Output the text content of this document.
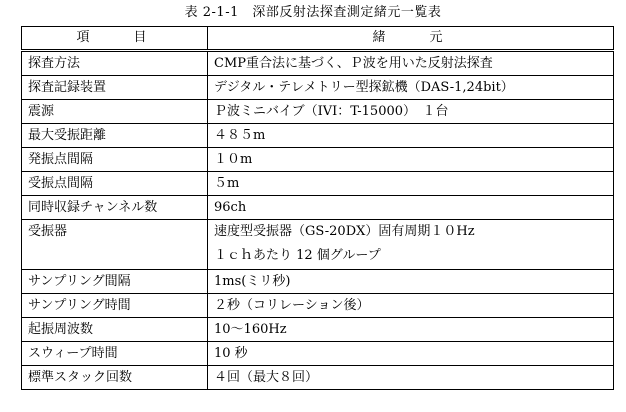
表 2-1-1　深部反射法探査測定緒元一覧表
項　　目	緒　　元
探査方法	CMP重合法に基づく、Ｐ波を用いた反射法探査
探査記録装置	デジタル・テレメトリー型探鉱機（DAS-1,24bit）
震源	Ｐ波ミニバイブ（IVI：T-15000）　１台
最大受振距離	４８５m
発振点間隔	１０m
受振点間隔	５m
同時収録チャンネル数	96ch
受振器	速度型受振器（GS-20DX）固有周期１０Hz
１ｃｈあたり 12 個グループ

サンプリング間隔	1ms(ミリ秒)
サンプリング時間	２秒（コリレーション後）
起振周波数	10～160Hz
スウィープ時間	10 秒
標準スタック回数	４回（最大８回）
